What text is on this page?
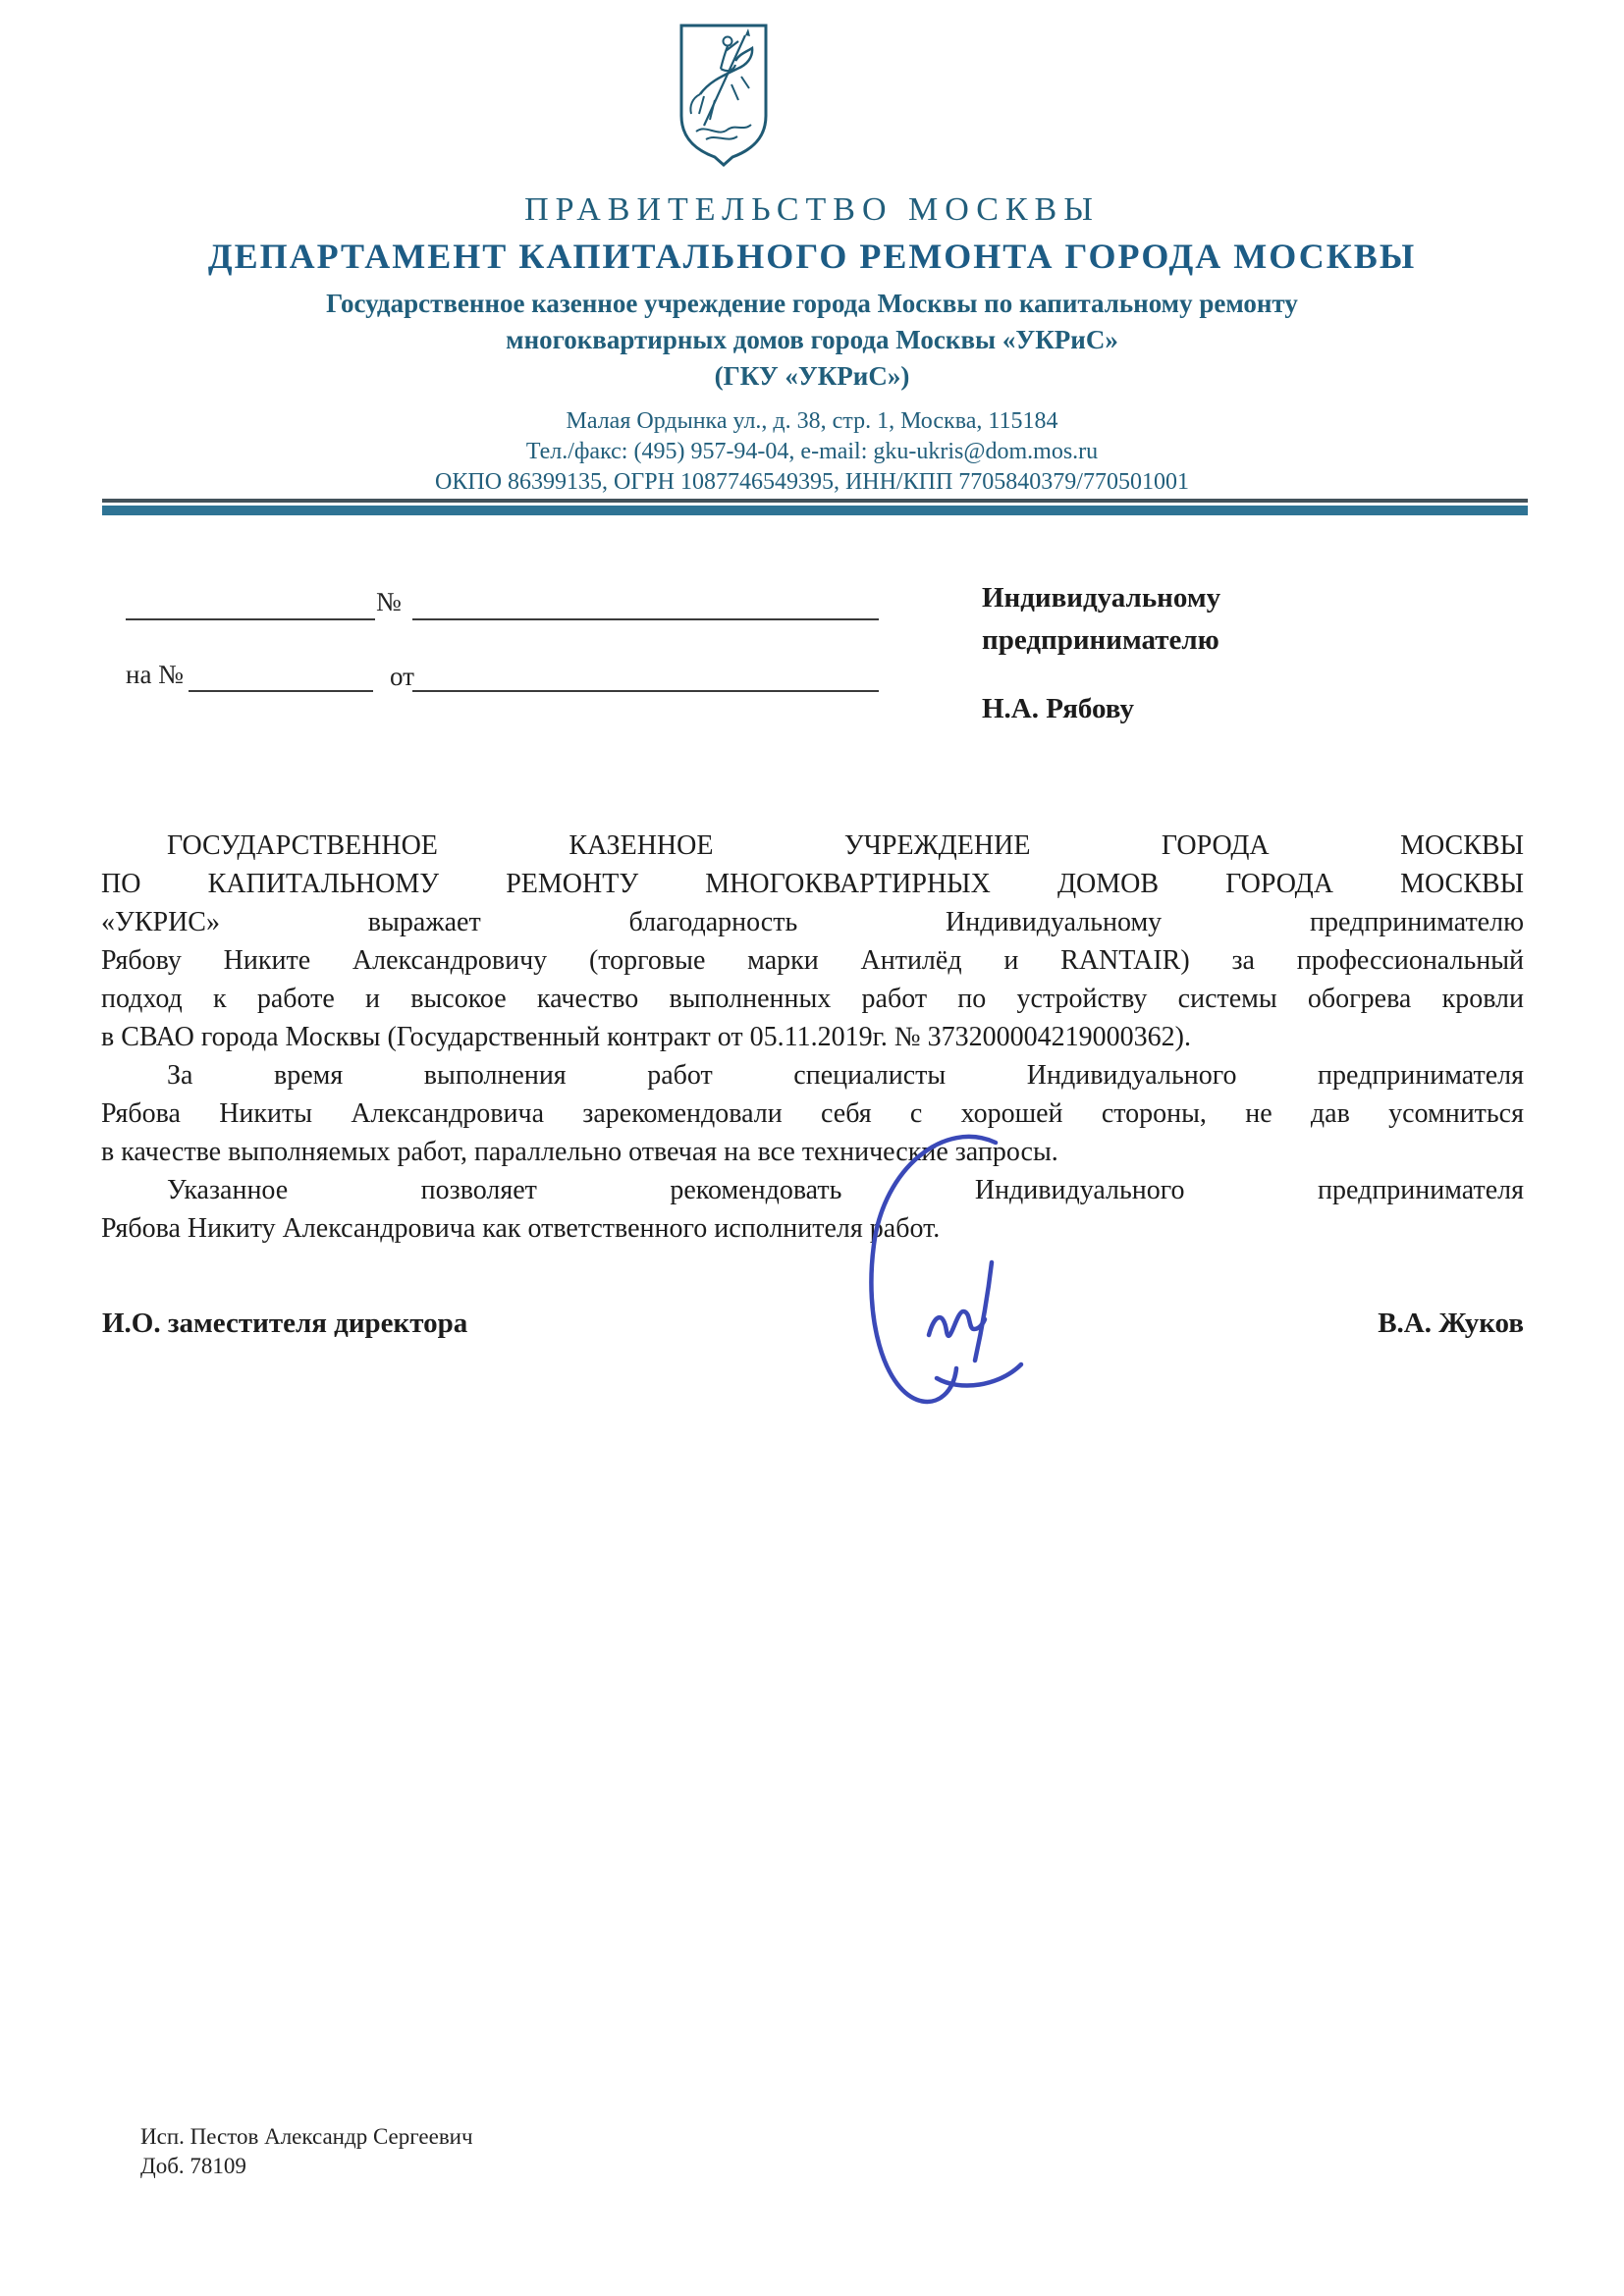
ПРАВИТЕЛЬСТВО МОСКВЫ
ДЕПАРТАМЕНТ КАПИТАЛЬНОГО РЕМОНТА ГОРОДА МОСКВЫ
Государственное казенное учреждение города Москвы по капитальному ремонту
многоквартирных домов города Москвы «УКРиС»
(ГКУ «УКРиС»)
Малая Ордынка ул., д. 38, стр. 1, Москва, 115184
Тел./факс: (495) 957-94-04, e-mail: gku-ukris@dom.mos.ru
ОКПО 86399135, ОГРН 1087746549395, ИНН/КПП 7705840379/770501001
№
на №	от
Индивидуальному
предпринимателю
Н.А. Рябову
ГОСУДАРСТВЕННОЕ КАЗЕННОЕ УЧРЕЖДЕНИЕ ГОРОДА МОСКВЫ
ПО КАПИТАЛЬНОМУ РЕМОНТУ МНОГОКВАРТИРНЫХ ДОМОВ ГОРОДА МОСКВЫ
«УКРИС» выражает благодарность Индивидуальному предпринимателю
Рябову Никите Александровичу (торговые марки Антилёд и RANTAIR) за профессиональный
подход к работе и высокое качество выполненных работ по устройству системы обогрева кровли
в СВАО города Москвы (Государственный контракт от 05.11.2019г. № 373200004219000362).
За время выполнения работ специалисты Индивидуального предпринимателя
Рябова Никиты Александровича зарекомендовали себя с хорошей стороны, не дав усомниться
в качестве выполняемых работ, параллельно отвечая на все технические запросы.
Указанное позволяет рекомендовать Индивидуального предпринимателя
Рябова Никиту Александровича как ответственного исполнителя работ.
И.О. заместителя директора	В.А. Жуков
Исп. Пестов Александр Сергеевич
Доб. 78109
